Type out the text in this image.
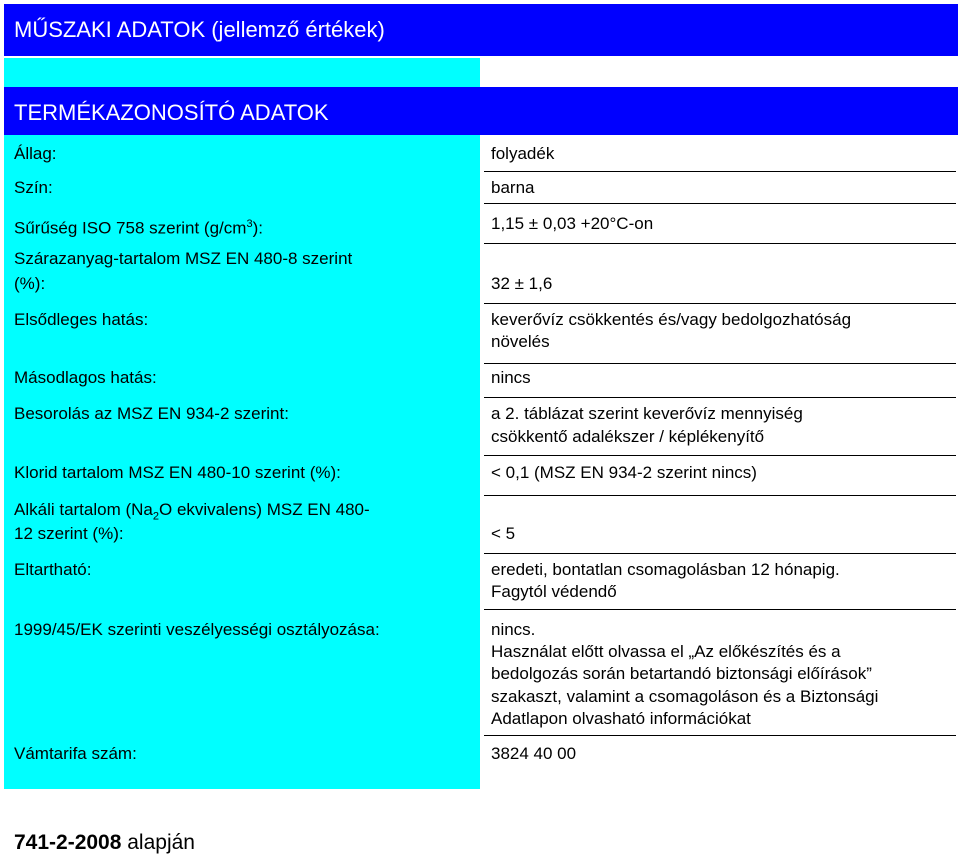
MŰSZAKI ADATOK (jellemző értékek)
TERMÉKAZONOSÍTÓ ADATOK
Állag:	folyadék
Szín:	barna
Sűrűség ISO 758 szerint $(g/cm^3)$:	1,15 ± 0,03 +20°C-on
Szárazanyag-tartalom MSZ EN 480-8 szerint
(%):	32 ± 1,6
Elsődleges hatás:	keverővíz csökkentés és/vagy bedolgozhatóság
növelés
Másodlagos hatás:	nincs
Besorolás az MSZ EN 934-2 szerint:	a 2. táblázat szerint keverővíz mennyiség
csökkentő adalékszer / képlékenyítő
Klorid tartalom MSZ EN 480-10 szerint (%):	< 0,1 (MSZ EN 934-2 szerint nincs)
Alkáli tartalom ($Na_2O$ ekvivalens) MSZ EN 480-
12 szerint (%):	< 5
Eltartható:	eredeti, bontatlan csomagolásban 12 hónapig.
Fagytól védendő
1999/45/EK szerinti veszélyességi osztályozása:	nincs.
Használat előtt olvassa el „Az előkészítés és a
bedolgozás során betartandó biztonsági előírások”
szakaszt, valamint a csomagoláson és a Biztonsági
Adatlapon olvasható információkat
Vámtarifa szám:	3824 40 00
741-2-2008 alapján
